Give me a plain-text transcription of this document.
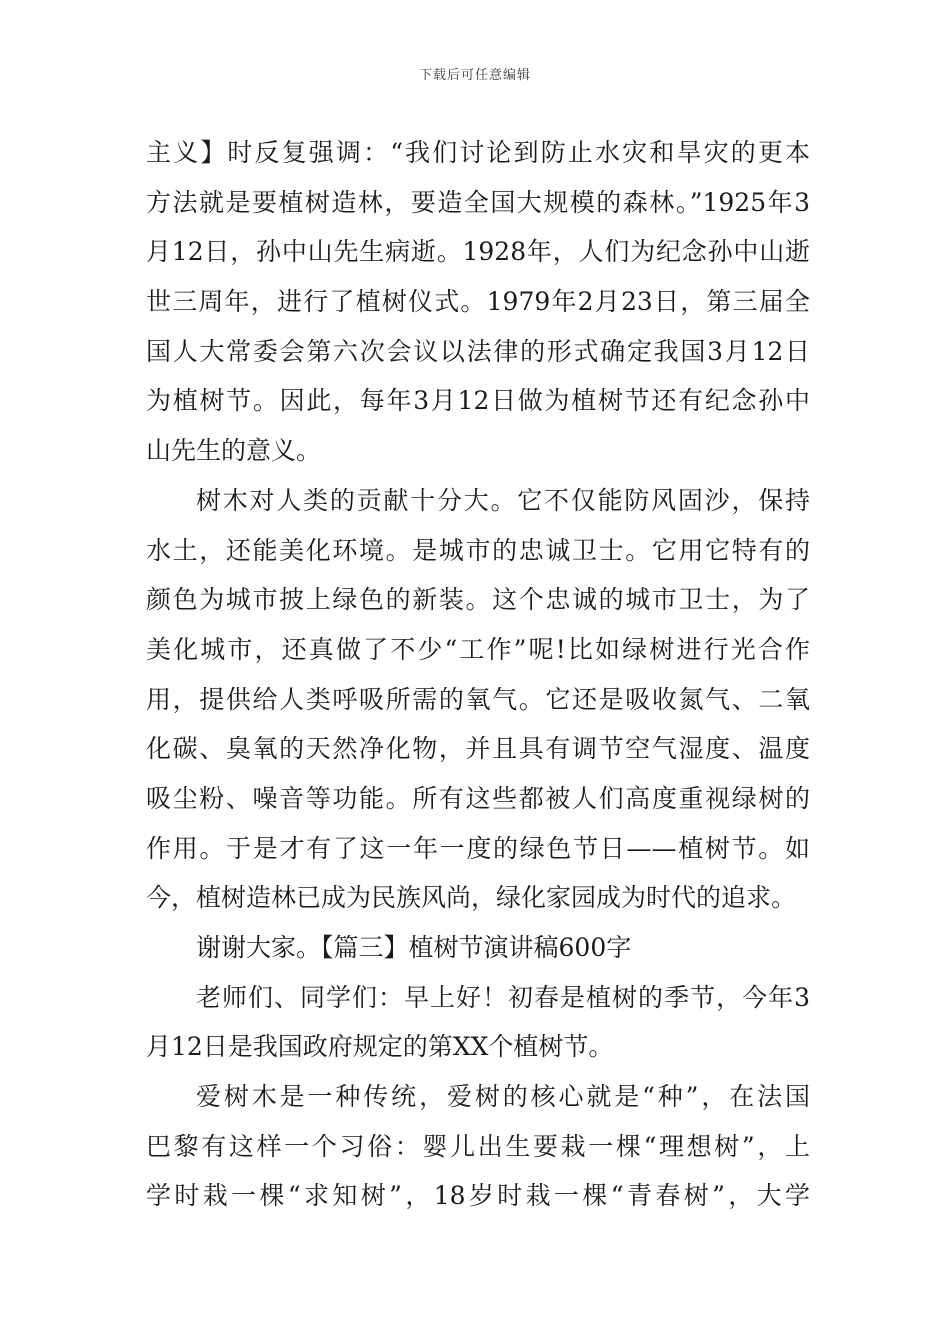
下载后可任意编辑
主义】时反复强调：“我们讨论到防止水灾和旱灾的更本
方法就是要植树造林，要造全国大规模的森林。”1925年3
月12日，孙中山先生病逝。1928年，人们为纪念孙中山逝
世三周年，进行了植树仪式。1979年2月23日，第三届全
国人大常委会第六次会议以法律的形式确定我国3月12日
为植树节。因此，每年3月12日做为植树节还有纪念孙中
山先生的意义。
树木对人类的贡献十分大。它不仅能防风固沙，保持
水土，还能美化环境。是城市的忠诚卫士。它用它特有的
颜色为城市披上绿色的新装。这个忠诚的城市卫士，为了
美化城市，还真做了不少“工作”呢!比如绿树进行光合作
用，提供给人类呼吸所需的氧气。它还是吸收氮气、二氧
化碳、臭氧的天然净化物，并且具有调节空气湿度、温度
吸尘粉、噪音等功能。所有这些都被人们高度重视绿树的
作用。于是才有了这一年一度的绿色节日——植树节。如
今，植树造林已成为民族风尚，绿化家园成为时代的追求。
谢谢大家。【篇三】植树节演讲稿600字
老师们、同学们：早上好！初春是植树的季节，今年3
月12日是我国政府规定的第XX个植树节。
爱树木是一种传统，爱树的核心就是“种”，在法国
巴黎有这样一个习俗：婴儿出生要栽一棵“理想树”，上
学时栽一棵“求知树”，18岁时栽一棵“青春树”，大学
